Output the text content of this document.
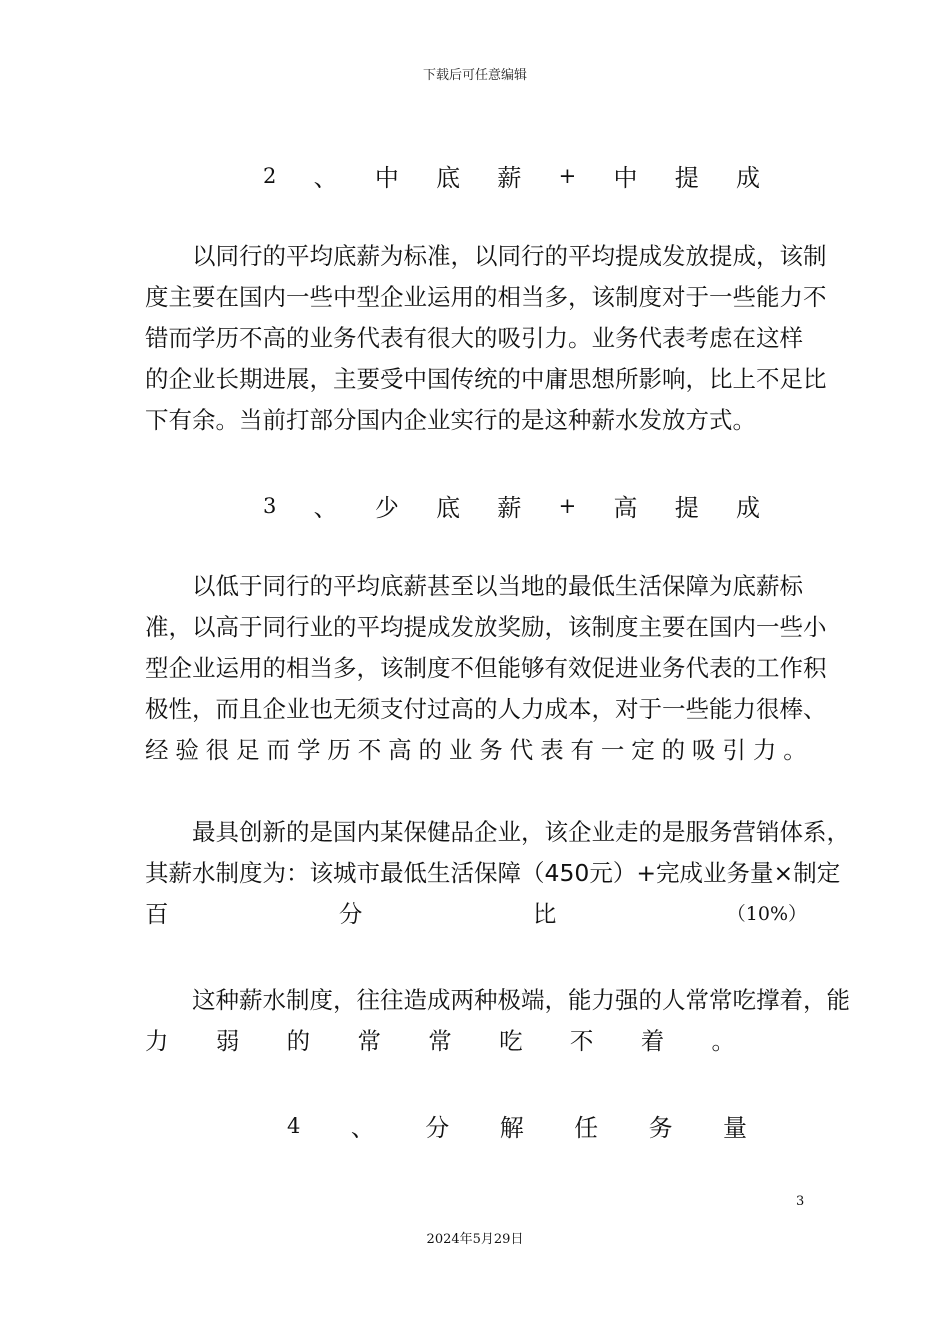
下载后可任意编辑
2 、 中 底 薪 + 中 提 成
以同行的平均底薪为标准，以同行的平均提成发放提成，该制
度主要在国内一些中型企业运用的相当多，该制度对于一些能力不
错而学历不高的业务代表有很大的吸引力。业务代表考虑在这样
的企业长期进展，主要受中国传统的中庸思想所影响，比上不足比
下有余。当前打部分国内企业实行的是这种薪水发放方式。
3 、 少 底 薪 + 高 提 成
以低于同行的平均底薪甚至以当地的最低生活保障为底薪标
准，以高于同行业的平均提成发放奖励，该制度主要在国内一些小
型企业运用的相当多，该制度不但能够有效促进业务代表的工作积
极性，而且企业也无须支付过高的人力成本，对于一些能力很棒、
经 验 很 足 而 学 历 不 高 的 业 务 代 表 有 一 定 的 吸 引 力 。
最具创新的是国内某保健品企业，该企业走的是服务营销体系，
其薪水制度为：该城市最低生活保障（450元）+完成业务量×制定
百	分	比	（10%）
这种薪水制度，往往造成两种极端，能力强的人常常吃撑着，能
力 弱 的 常 常 吃 不 着 。
4 、 分 解 任 务 量
3
2024年5月29日
